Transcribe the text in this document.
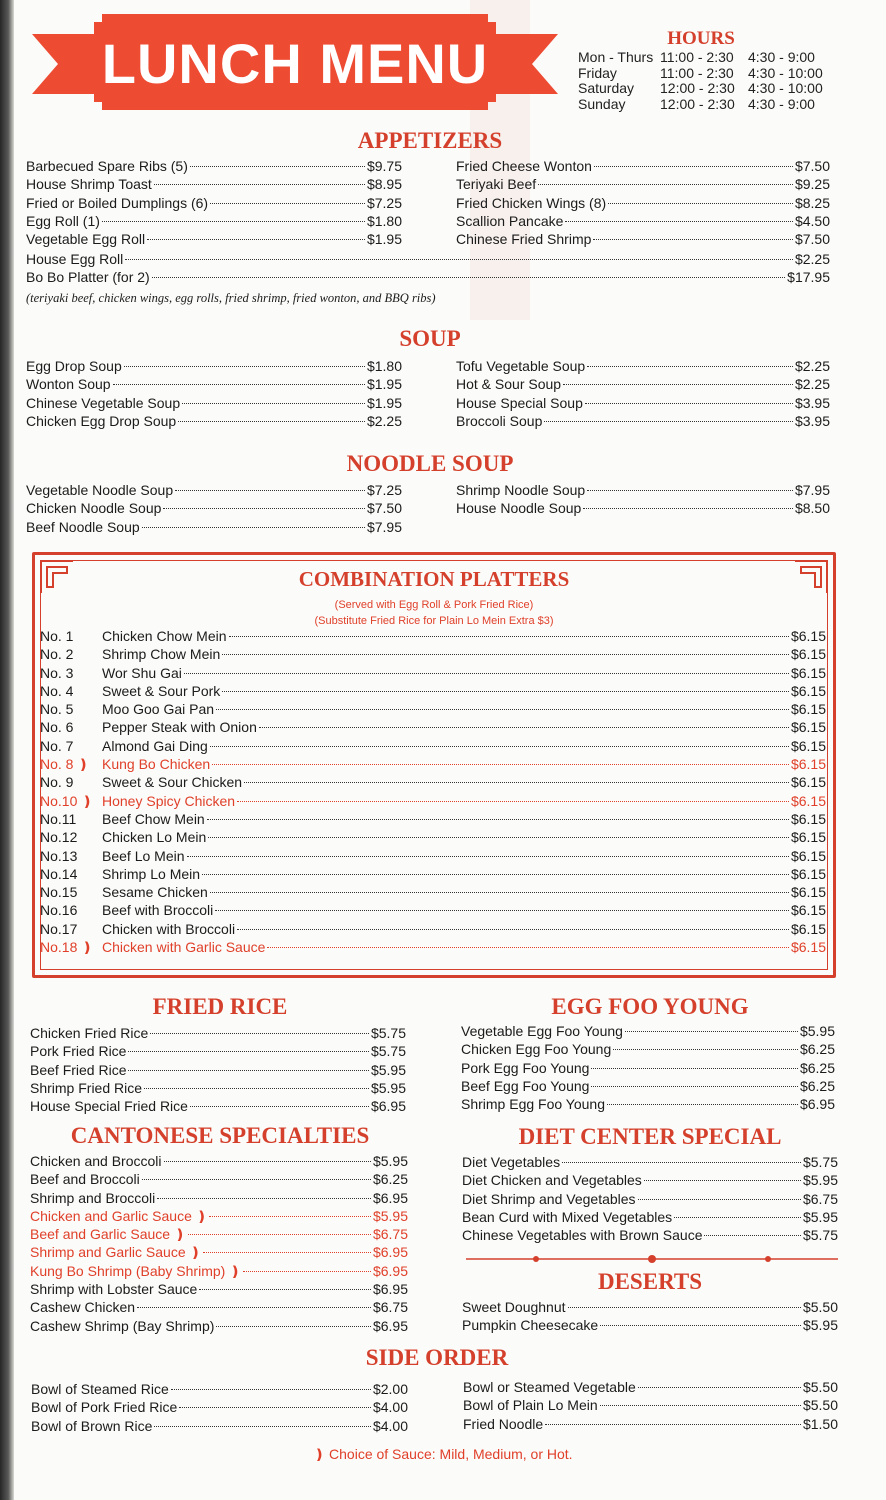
LUNCH MENU	HOURS
Mon - Thurs 11:00 - 2:30	4:30 - 9:00
Friday	11:00 - 2:30	4:30 - 10:00
Saturday	12:00 - 2:30 4:30 - 10:00
Sunday	12:00 - 2:30 4:30 - 9:00
APPETIZERS
Barbecued Spare Ribs (5)	$9.75
House Shrimp Toast	$8.95
Fried or Boiled Dumplings (6)	$7.25
Egg Roll (1)	$1.80
Vegetable Egg Roll	$1.95
Fried Cheese Wonton	$7.50
Teriyaki Beef	$9.25
Fried Chicken Wings (8)	$8.25
Scallion Pancake	$4.50
Chinese Fried Shrimp	$7.50
House Egg Roll	$2.25
Bo Bo Platter (for 2)	$17.95
(teriyaki beef, chicken wings, egg rolls, fried shrimp, fried wonton, and BBQ ribs)
SOUP
Egg Drop Soup	$1.80
Wonton Soup	$1.95
Chinese Vegetable Soup	$1.95
Chicken Egg Drop Soup	$2.25
Tofu Vegetable Soup	$2.25
Hot & Sour Soup	$2.25
House Special Soup	$3.95
Broccoli Soup	$3.95
NOODLE SOUP
Vegetable Noodle Soup	$7.25
Chicken Noodle Soup	$7.50
Beef Noodle Soup	$7.95
Shrimp Noodle Soup	$7.95
House Noodle Soup	$8.50
COMBINATION PLATTERS
(Served with Egg Roll & Pork Fried Rice)
(Substitute Fried Rice for Plain Lo Mein Extra $3)
No. 1	Chicken Chow Mein	$6.15
No. 2	Shrimp Chow Mein	$6.15
No. 3	Wor Shu Gai	$6.15
No. 4	Sweet & Sour Pork	$6.15
No. 5	Moo Goo Gai Pan	$6.15
No. 6	Pepper Steak with Onion	$6.15
No. 7	Almond Gai Ding	$6.15
No. 8 ❫ Kung Bo Chicken	$6.15
No. 9	Sweet & Sour Chicken	$6.15
No.10 ❫ Honey Spicy Chicken	$6.15
No.11	Beef Chow Mein	$6.15
No.12	Chicken Lo Mein	$6.15
No.13	Beef Lo Mein	$6.15
No.14	Shrimp Lo Mein	$6.15
No.15	Sesame Chicken	$6.15
No.16	Beef with Broccoli	$6.15
No.17	Chicken with Broccoli	$6.15
No.18 ❫ Chicken with Garlic Sauce	$6.15
FRIED RICE
Chicken Fried Rice	$5.75
Pork Fried Rice	$5.75
Beef Fried Rice	$5.95
Shrimp Fried Rice	$5.95
House Special Fried Rice	$6.95
EGG FOO YOUNG
Vegetable Egg Foo Young	$5.95
Chicken Egg Foo Young	$6.25
Pork Egg Foo Young	$6.25
Beef Egg Foo Young	$6.25
Shrimp Egg Foo Young	$6.95
CANTONESE SPECIALTIES
Chicken and Broccoli	$5.95
Beef and Broccoli	$6.25
Shrimp and Broccoli	$6.95
Chicken and Garlic Sauce ❫	$5.95
Beef and Garlic Sauce ❫	$6.75
Shrimp and Garlic Sauce ❫	$6.95
Kung Bo Shrimp (Baby Shrimp) ❫	$6.95
Shrimp with Lobster Sauce	$6.95
Cashew Chicken	$6.75
Cashew Shrimp (Bay Shrimp)	$6.95
DIET CENTER SPECIAL
Diet Vegetables	$5.75
Diet Chicken and Vegetables	$5.95
Diet Shrimp and Vegetables	$6.75
Bean Curd with Mixed Vegetables	$5.95
Chinese Vegetables with Brown Sauce	$5.75
DESERTS
Sweet Doughnut	$5.50
Pumpkin Cheesecake	$5.95
SIDE ORDER
Bowl of Steamed Rice	$2.00
Bowl of Pork Fried Rice	$4.00
Bowl of Brown Rice	$4.00
Bowl or Steamed Vegetable	$5.50
Bowl of Plain Lo Mein	$5.50
Fried Noodle	$1.50
❫ Choice of Sauce: Mild, Medium, or Hot.
